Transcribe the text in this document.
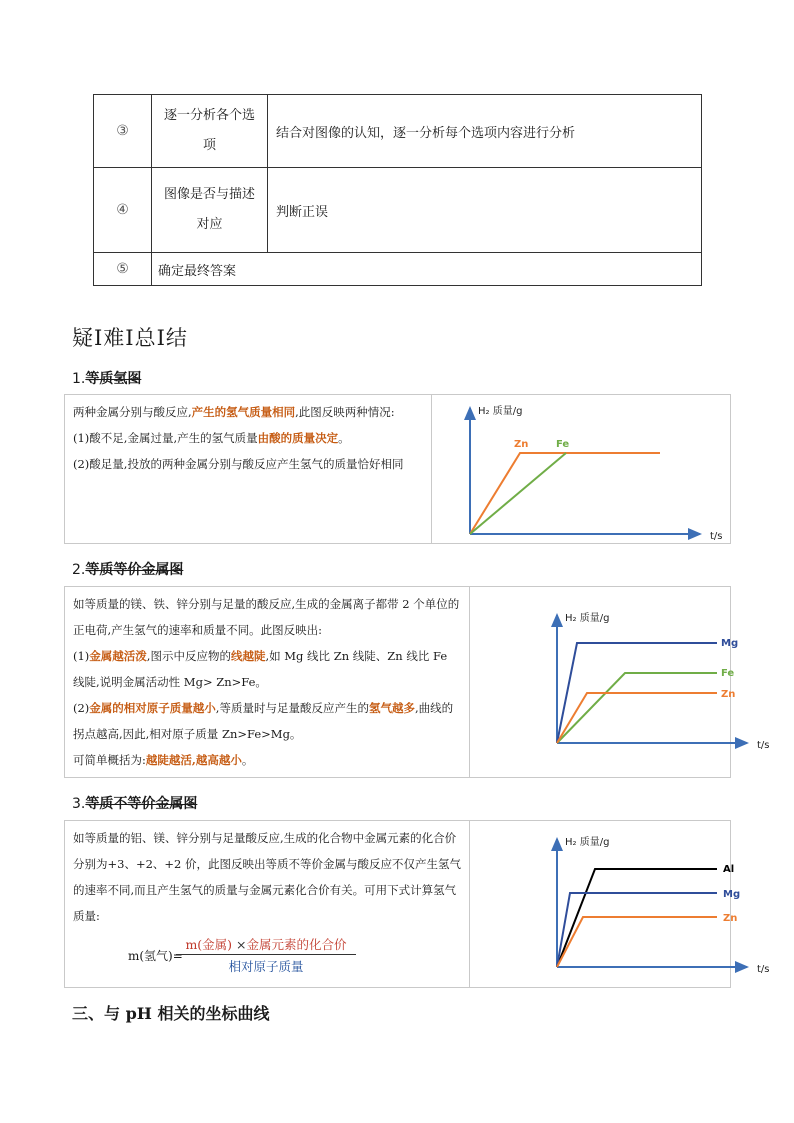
③	逐一分析各个选项	结合对图像的认知，逐一分析每个选项内容进行分析
④	图像是否与描述对应	判断正误
⑤	确定最终答案	
疑I难I总I结
1.等质氢图
两种金属分别与酸反应,产生的氢气质量相同,此图反映两种情况:
(1)酸不足,金属过量,产生的氢气质量由酸的质量决定。
(2)酸足量,投放的两种金属分别与酸反应产生氢气的质量恰好相同
H₂ 质量/g
t/s
Zn	Fe
2.等质等价金属图
如等质量的镁、铁、锌分别与足量的酸反应,生成的金属离子都带 2 个单位的正电荷,产生氢气的速率和质量不同。此图反映出:
(1)金属越活泼,图示中反应物的线越陡,如 Mg 线比 Zn 线陡、Zn 线比 Fe 线陡,说明金属活动性 Mg> Zn>Fe。
(2)金属的相对原子质量越小,等质量时与足量酸反应产生的氢气越多,曲线的拐点越高,因此,相对原子质量 Zn>Fe>Mg。
可简单概括为:越陡越活,越高越小。
H₂ 质量/g
t/s
Mg
Fe
Zn
3.等质不等价金属图
如等质量的铝、镁、锌分别与足量酸反应,生成的化合物中金属元素的化合价分别为+3、+2、+2 价，此图反映出等质不等价金属与酸反应不仅产生氢气的速率不同,而且产生氢气的质量与金属元素化合价有关。可用下式计算氢气质量:
H₂ 质量/g
t/s
Al
Mg
Zn
m(氢气)=
m(金属) ×金属元素的化合价
相对原子质量
三、与 pH 相关的坐标曲线
